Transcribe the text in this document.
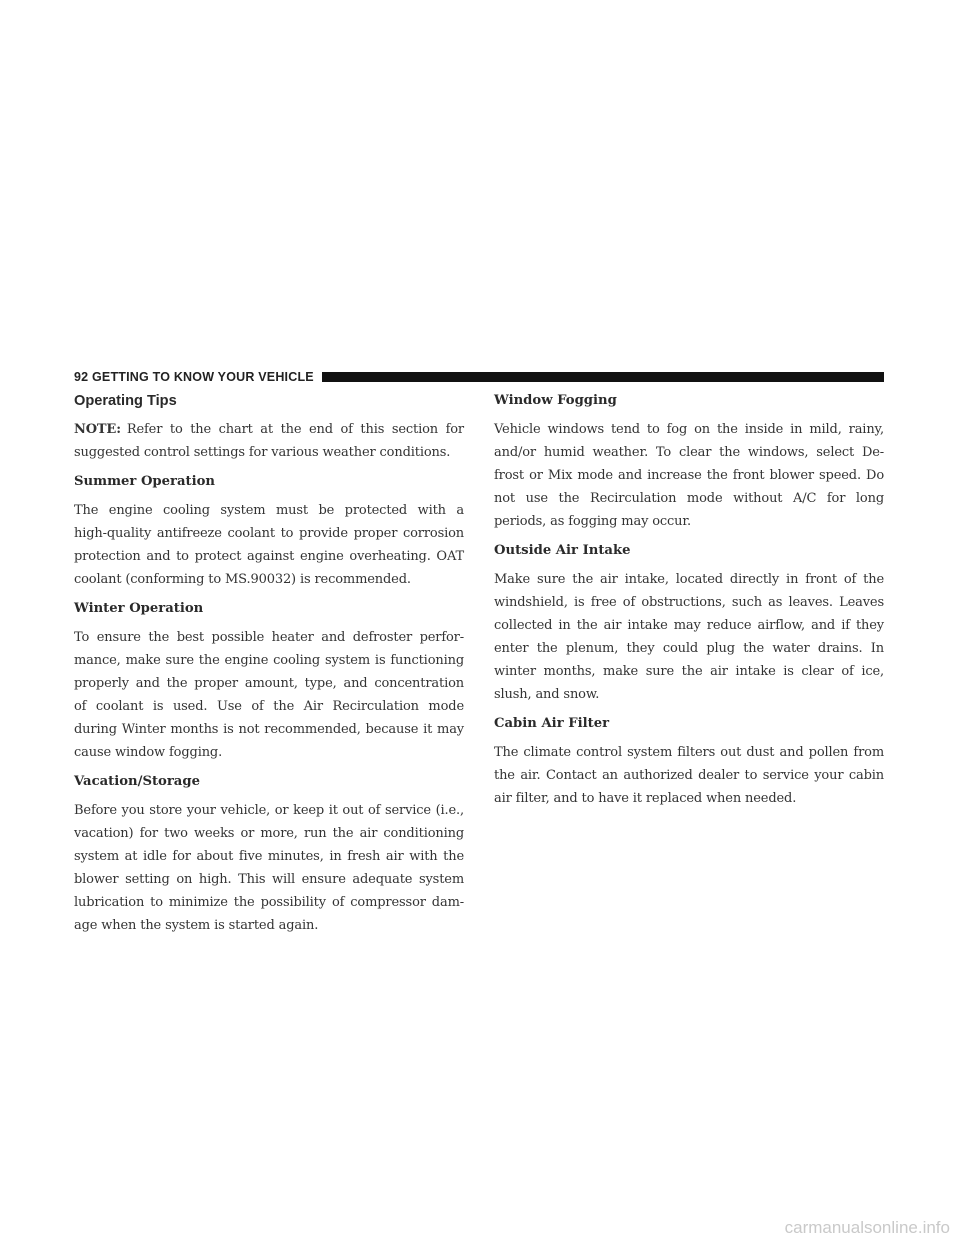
92 GETTING TO KNOW YOUR VEHICLE
Operating Tips
NOTE: Refer to the chart at the end of this section for
suggested control settings for various weather conditions.
Summer Operation
The engine cooling system must be protected with a
high-quality antifreeze coolant to provide proper corrosion
protection and to protect against engine overheating. OAT
coolant (conforming to MS.90032) is recommended.
Winter Operation
To ensure the best possible heater and defroster perfor-
mance, make sure the engine cooling system is functioning
properly and the proper amount, type, and concentration
of coolant is used. Use of the Air Recirculation mode
during Winter months is not recommended, because it may
cause window fogging.
Vacation/Storage
Before you store your vehicle, or keep it out of service (i.e.,
vacation) for two weeks or more, run the air conditioning
system at idle for about five minutes, in fresh air with the
blower setting on high. This will ensure adequate system
lubrication to minimize the possibility of compressor dam-
age when the system is started again.
Window Fogging
Vehicle windows tend to fog on the inside in mild, rainy,
and/or humid weather. To clear the windows, select De-
frost or Mix mode and increase the front blower speed. Do
not use the Recirculation mode without A/C for long
periods, as fogging may occur.
Outside Air Intake
Make sure the air intake, located directly in front of the
windshield, is free of obstructions, such as leaves. Leaves
collected in the air intake may reduce airflow, and if they
enter the plenum, they could plug the water drains. In
winter months, make sure the air intake is clear of ice,
slush, and snow.
Cabin Air Filter
The climate control system filters out dust and pollen from
the air. Contact an authorized dealer to service your cabin
air filter, and to have it replaced when needed.
carmanualsonline.info
